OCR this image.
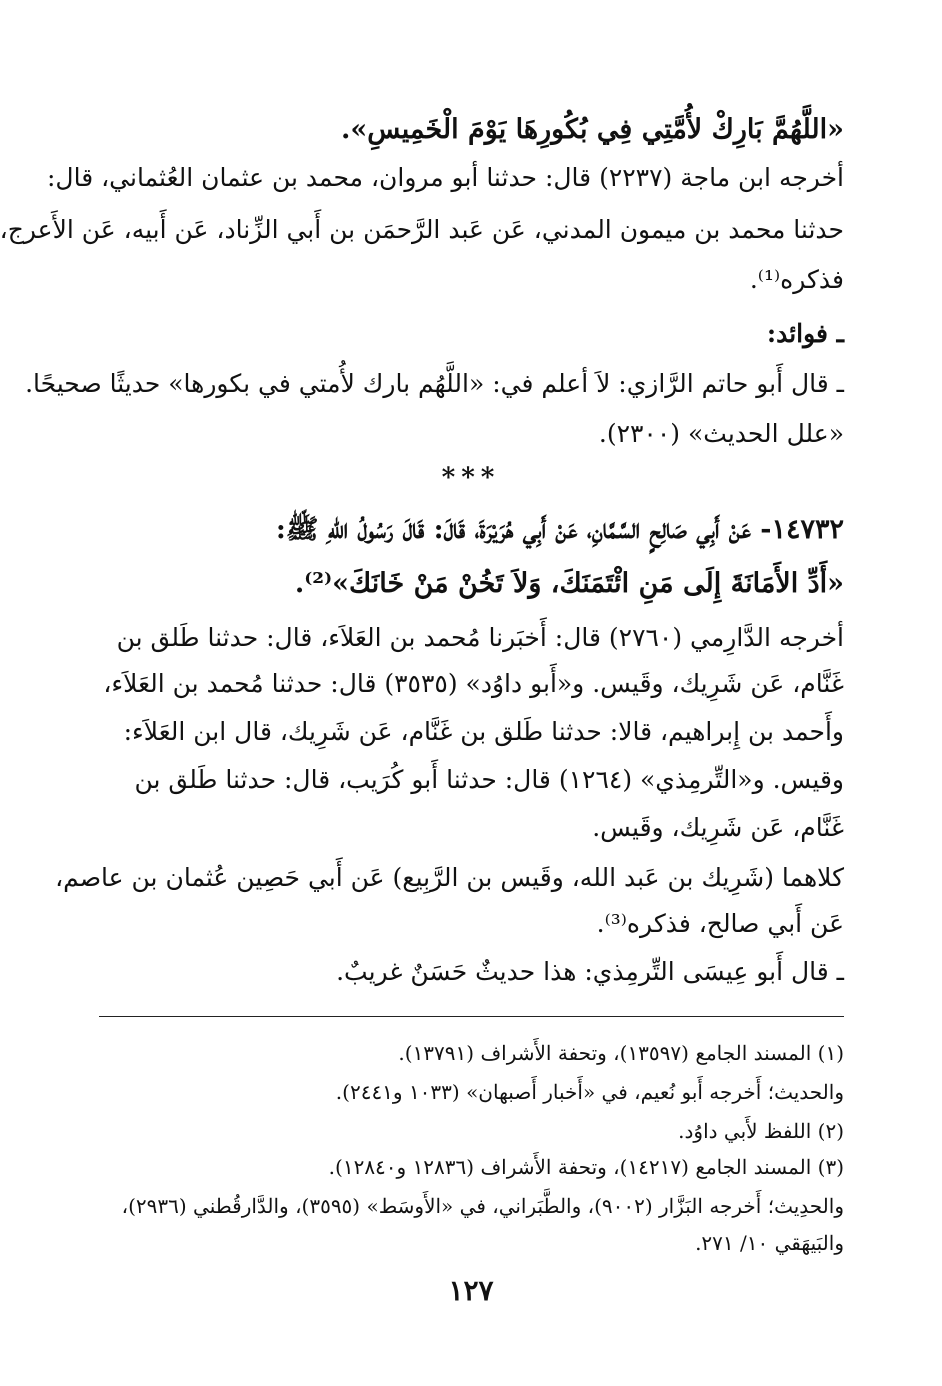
«اللَّهُمَّ بَارِكْ لأُمَّتِي فِي بُكُورِهَا يَوْمَ الْخَمِيسِ».
أخرجه ابن ماجة (٢٢٣٧) قال: حدثنا أبو مروان، محمد بن عثمان العُثماني، قال:
حدثنا محمد بن ميمون المدني، عَن عَبد الرَّحمَن بن أَبي الزِّناد، عَن أَبيه، عَن الأَعرج،
فذكره⁽¹⁾.
ـ فوائد:
ـ قال أَبو حاتم الرَّازي: لاَ أعلم في: «اللَّهُم بارك لأُمتي في بكورها» حديثًا صحيحًا.
«علل الحديث» (٢٣٠٠).
***
١٤٧٣٢- عَنْ أَبِي صَالِحٍ السَّمَّانِ، عَنْ أَبِي هُرَيْرَةَ، قَالَ: قَالَ رَسُولُ اللهِ ﷺ:
«أَدِّ الأَمَانَةَ إِلَى مَنِ ائْتَمَنَكَ، وَلاَ تَخُنْ مَنْ خَانَكَ»⁽²⁾.
أخرجه الدَّارِمي (٢٧٦٠) قال: أَخبَرنا مُحمد بن العَلاَء، قال: حدثنا طَلق بن
غَنَّام، عَن شَرِيك، وقَيس. و«أَبو داوُد» (٣٥٣٥) قال: حدثنا مُحمد بن العَلاَء،
وأَحمد بن إِبراهيم، قالا: حدثنا طَلق بن غَنَّام، عَن شَرِيك، قال ابن العَلاَء:
وقيس. و«التِّرمِذي» (١٢٦٤) قال: حدثنا أَبو كُرَيب، قال: حدثنا طَلق بن
غَنَّام، عَن شَرِيك، وقَيس.
كلاهما (شَرِيك بن عَبد الله، وقَيس بن الرَّبِيع) عَن أَبي حَصِين عُثمان بن عاصم،
عَن أَبي صالح، فذكره⁽³⁾.
ـ قال أَبو عِيسَى التِّرمِذي: هذا حديثٌ حَسَنٌ غريبٌ.
(١) المسند الجامع (١٣٥٩٧)، وتحفة الأَشراف (١٣٧٩١).
والحديث؛ أَخرجه أَبو نُعيم، في «أَخبار أَصبهان» (١٠٣٣ و٢٤٤١).
(٢) اللفظ لأَبي داوُد.
(٣) المسند الجامع (١٤٢١٧)، وتحفة الأَشراف (١٢٨٣٦ و١٢٨٤٠).
والحدِيث؛ أَخرجه البَزَّار (٩٠٠٢)، والطَّبَراني، في «الأَوسَط» (٣٥٩٥)، والدَّارقُطني (٢٩٣٦)،
والبَيهَقي ١٠/ ٢٧١.
١٢٧
